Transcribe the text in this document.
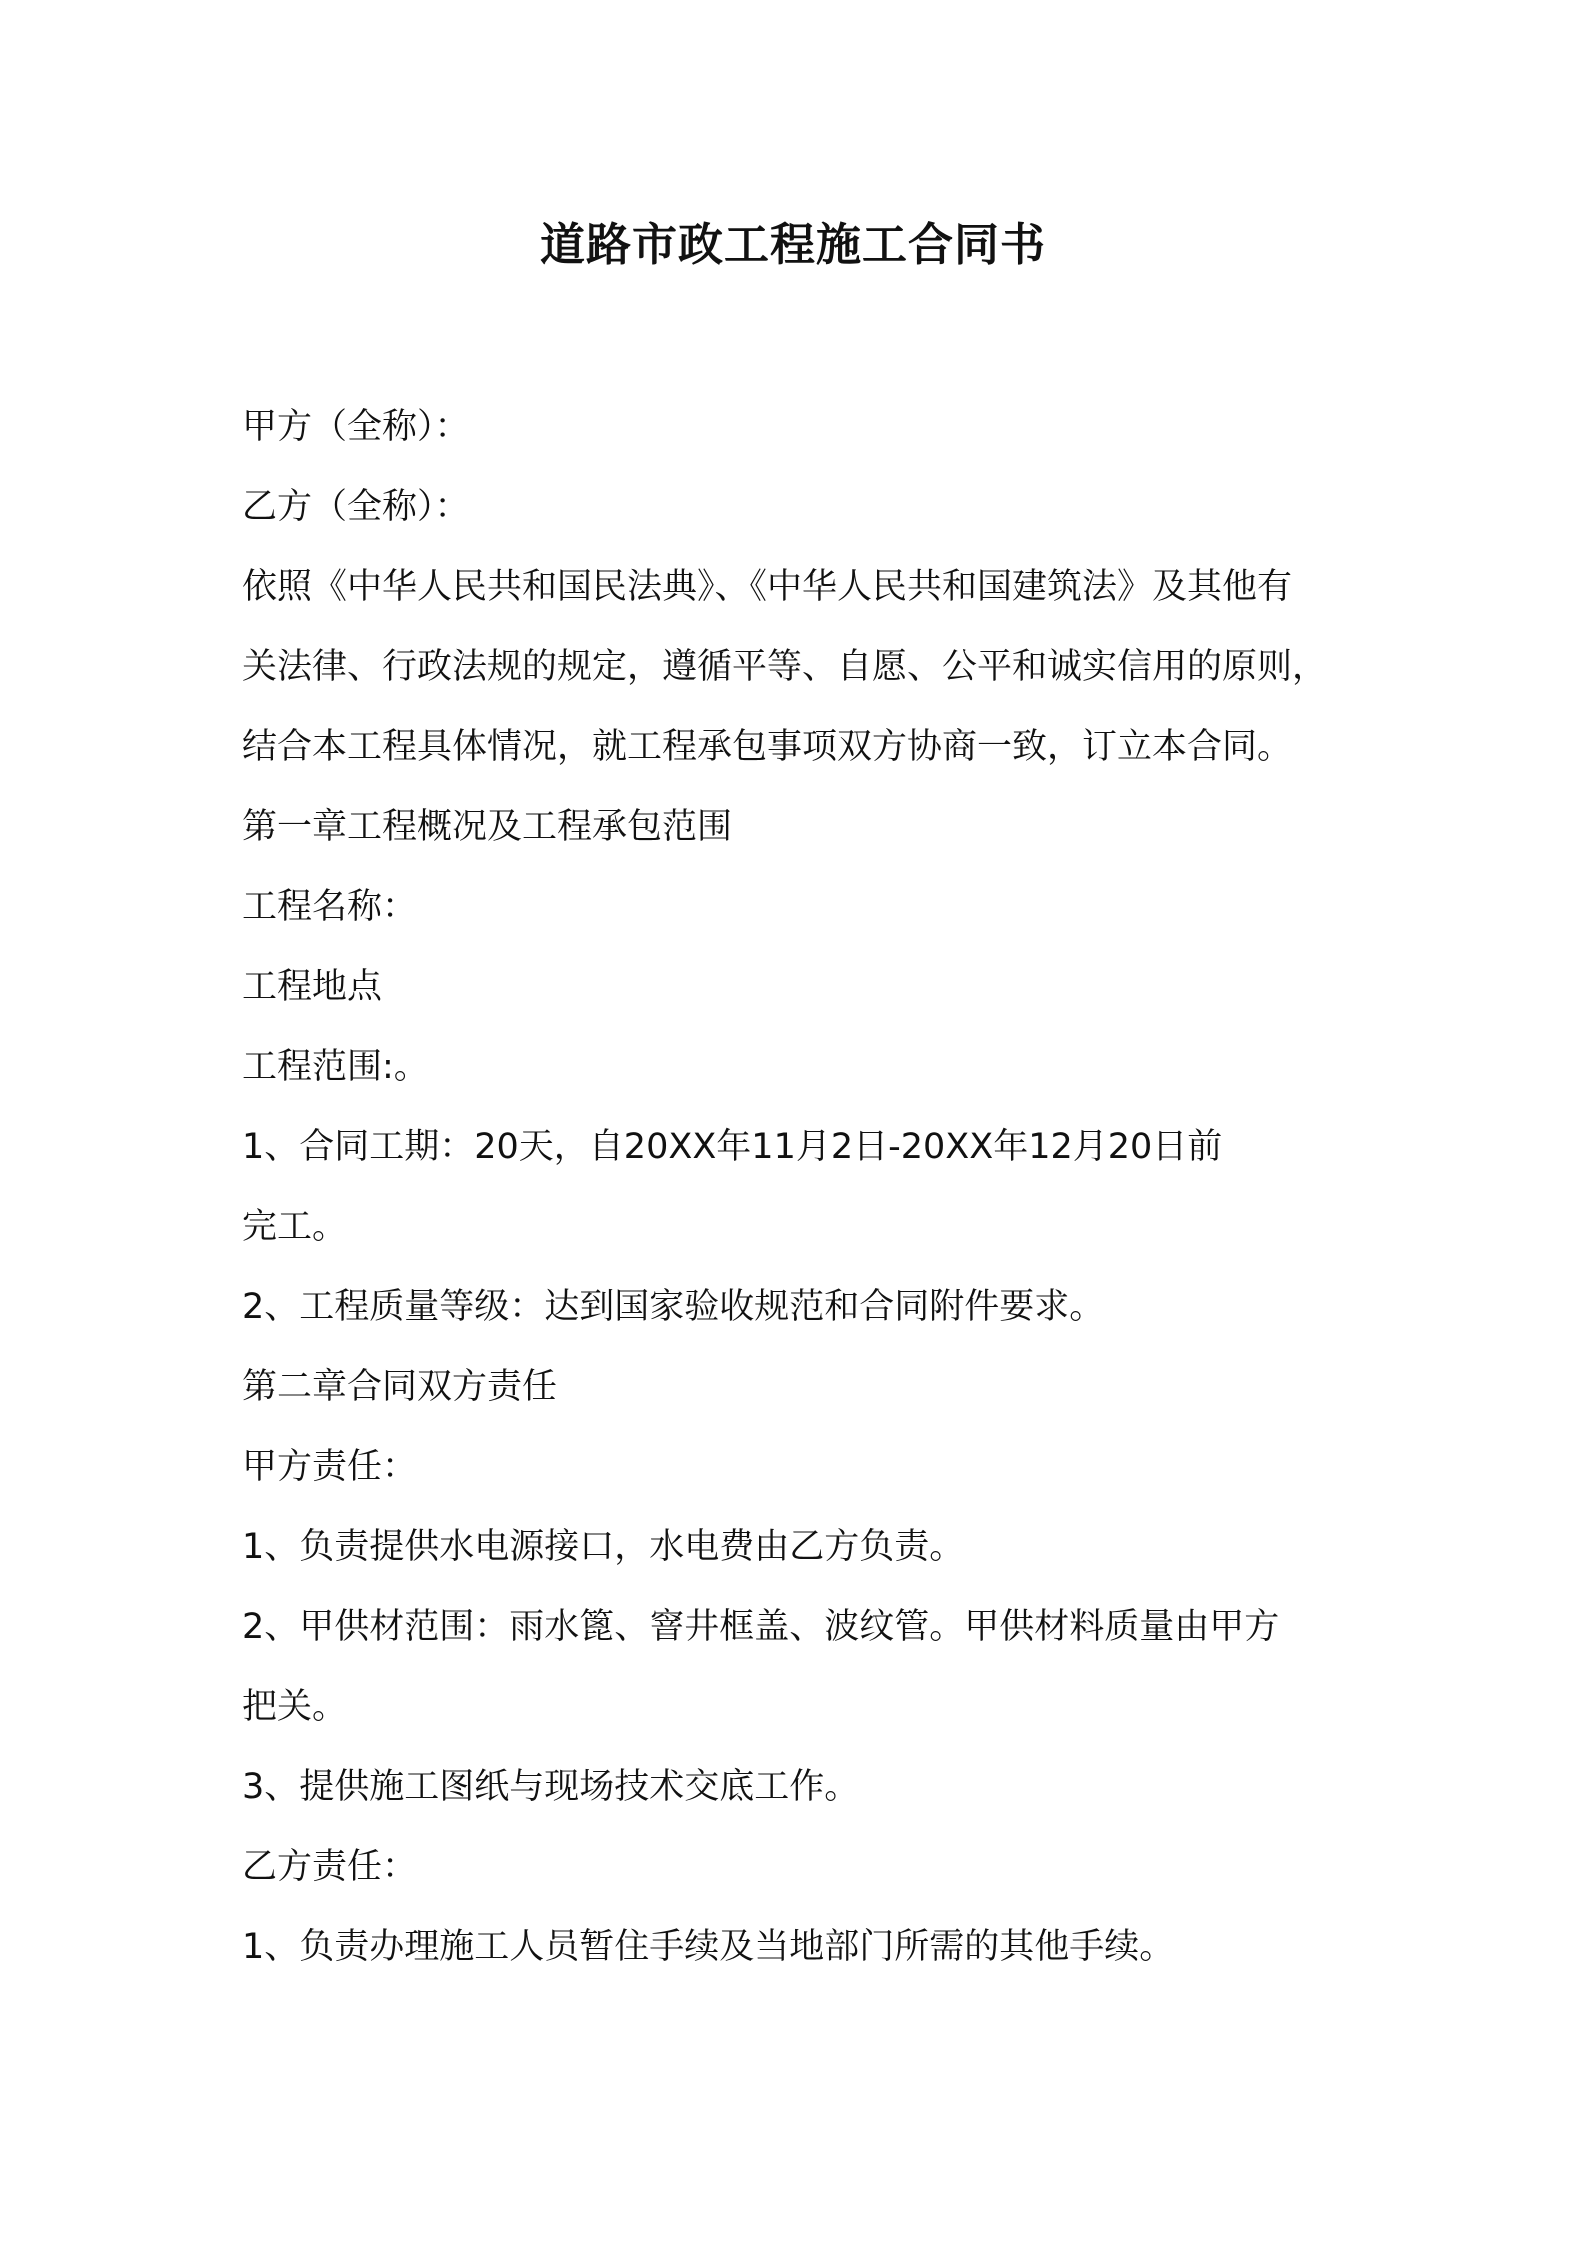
道路市政工程施工合同书

甲方（全称）：

乙方（全称）：

依照《中华人民共和国民法典》、《中华人民共和国建筑法》及其他有

关法律、行政法规的规定，遵循平等、自愿、公平和诚实信用的原则，

结合本工程具体情况，就工程承包事项双方协商一致，订立本合同。

第一章工程概况及工程承包范围

工程名称：

工程地点

工程范围:。

1、合同工期：20天，自20XX年11月2日-20XX年12月20日前

完工。

2、工程质量等级：达到国家验收规范和合同附件要求。

第二章合同双方责任

甲方责任：

1、负责提供水电源接口，水电费由乙方负责。

2、甲供材范围：雨水篦、窨井框盖、波纹管。甲供材料质量由甲方

把关。

3、提供施工图纸与现场技术交底工作。

乙方责任：

1、负责办理施工人员暂住手续及当地部门所需的其他手续。
